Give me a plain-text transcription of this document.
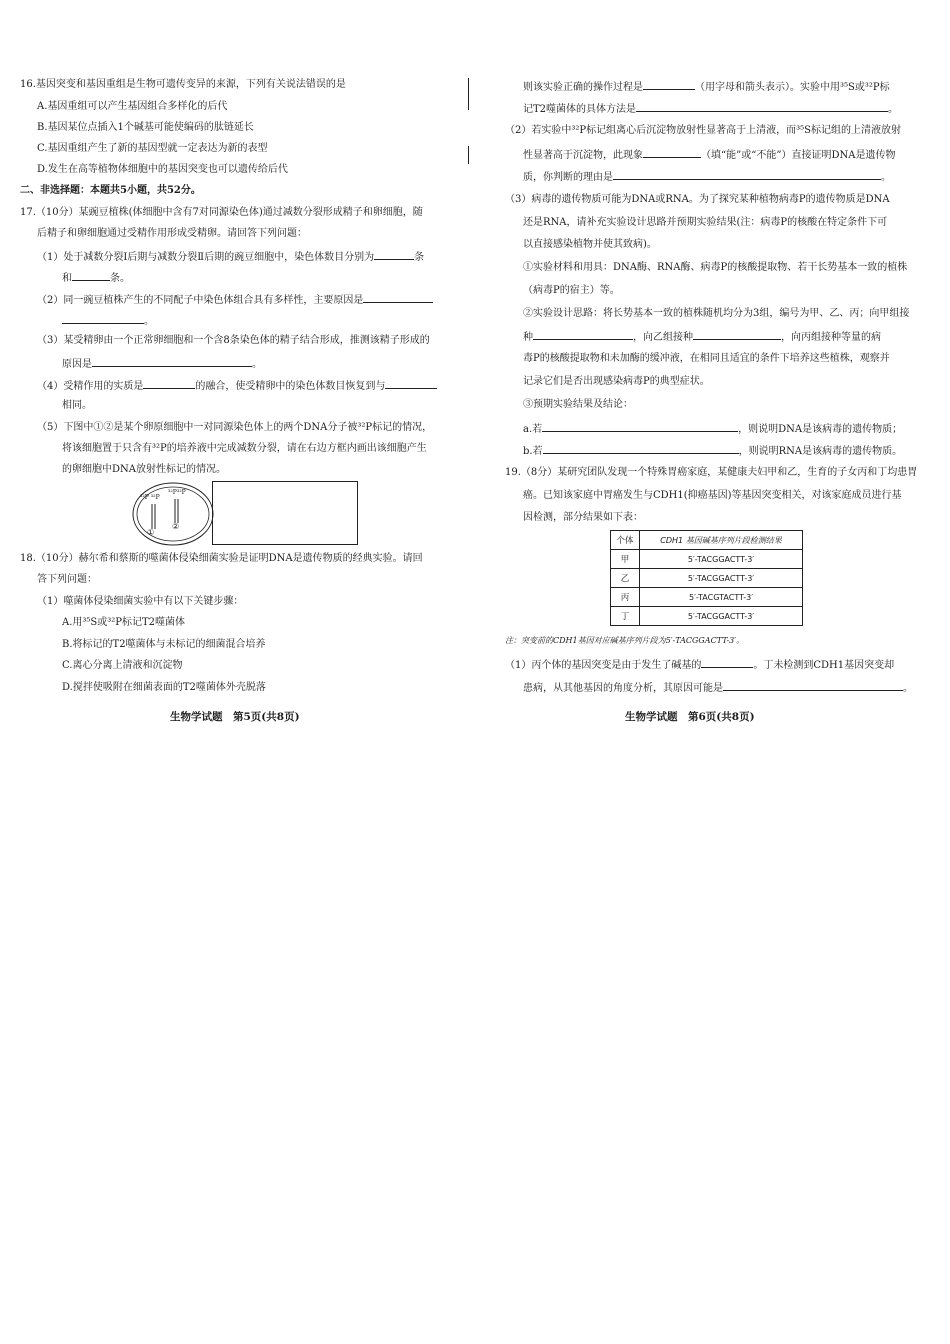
16.基因突变和基因重组是生物可遗传变异的来源，下列有关说法错误的是
A.基因重组可以产生基因组合多样化的后代
B.基因某位点插入1个碱基可能使编码的肽链延长
C.基因重组产生了新的基因型就一定表达为新的表型
D.发生在高等植物体细胞中的基因突变也可以遗传给后代
二、非选择题：本题共5小题，共52分。
17.（10分）某豌豆植株(体细胞中含有7对同源染色体)通过减数分裂形成精子和卵细胞，随
后精子和卵细胞通过受精作用形成受精卵。请回答下列问题：
（1）处于减数分裂Ⅰ后期与减数分裂Ⅱ后期的豌豆细胞中，染色体数目分别为	条
和	条。
（2）同一豌豆植株产生的不同配子中染色体组合具有多样性，主要原因是
。
（3）某受精卵由一个正常卵细胞和一个含8条染色体的精子结合形成，推测该精子形成的
原因是	。
（4）受精作用的实质是	的融合，使受精卵中的染色体数目恢复到与
相同。
（5）下图中①②是某个卵原细胞中一对同源染色体上的两个DNA分子被³²P标记的情况，
将该细胞置于只含有³²P的培养液中完成减数分裂，请在右边方框内画出该细胞产生
的卵细胞中DNA放射性标记的情况。
³²P ³²P
³²P³²P
①
②
18.（10分）赫尔希和蔡斯的噬菌体侵染细菌实验是证明DNA是遗传物质的经典实验。请回
答下列问题：
（1）噬菌体侵染细菌实验中有以下关键步骤：
A.用³⁵S或³²P标记T2噬菌体
B.将标记的T2噬菌体与未标记的细菌混合培养
C.离心分离上清液和沉淀物
D.搅拌使吸附在细菌表面的T2噬菌体外壳脱落
则该实验正确的操作过程是	（用字母和箭头表示）。实验中用³⁵S或³²P标
记T2噬菌体的具体方法是	。
（2）若实验中³²P标记组离心后沉淀物放射性显著高于上清液，而³⁵S标记组的上清液放射
性显著高于沉淀物，此现象	（填“能”或“不能”）直接证明DNA是遗传物
质，你判断的理由是	。
（3）病毒的遗传物质可能为DNA或RNA。为了探究某种植物病毒P的遗传物质是DNA
还是RNA，请补充实验设计思路并预期实验结果(注：病毒P的核酸在特定条件下可
以直接感染植物并使其致病)。
①实验材料和用具：DNA酶、RNA酶、病毒P的核酸提取物、若干长势基本一致的植株
（病毒P的宿主）等。
②实验设计思路：将长势基本一致的植株随机均分为3组，编号为甲、乙、丙；向甲组接
种	，向乙组接种	，向丙组接种等量的病
毒P的核酸提取物和未加酶的缓冲液，在相同且适宜的条件下培养这些植株，观察并
记录它们是否出现感染病毒P的典型症状。
③预期实验结果及结论：
a.若	，则说明DNA是该病毒的遗传物质；
b.若	，则说明RNA是该病毒的遗传物质。
19.（8分）某研究团队发现一个特殊胃癌家庭，某健康夫妇甲和乙，生育的子女丙和丁均患胃
癌。已知该家庭中胃癌发生与CDH1(抑癌基因)等基因突变相关，对该家庭成员进行基
因检测，部分结果如下表：
个体	CDH1 基因碱基序列片段检测结果
甲	5′-TACGGACTT-3′
乙	5′-TACGGACTT-3′
丙	5′-TACGTACTT-3′
丁	5′-TACGGACTT-3′
注：突变前的CDH1基因对应碱基序列片段为5′-TACGGACTT-3′。
（1）丙个体的基因突变是由于发生了碱基的	。丁未检测到CDH1基因突变却
患病，从其他基因的角度分析，其原因可能是	。
生物学试题　第5页(共8页)	生物学试题　第6页(共8页)
